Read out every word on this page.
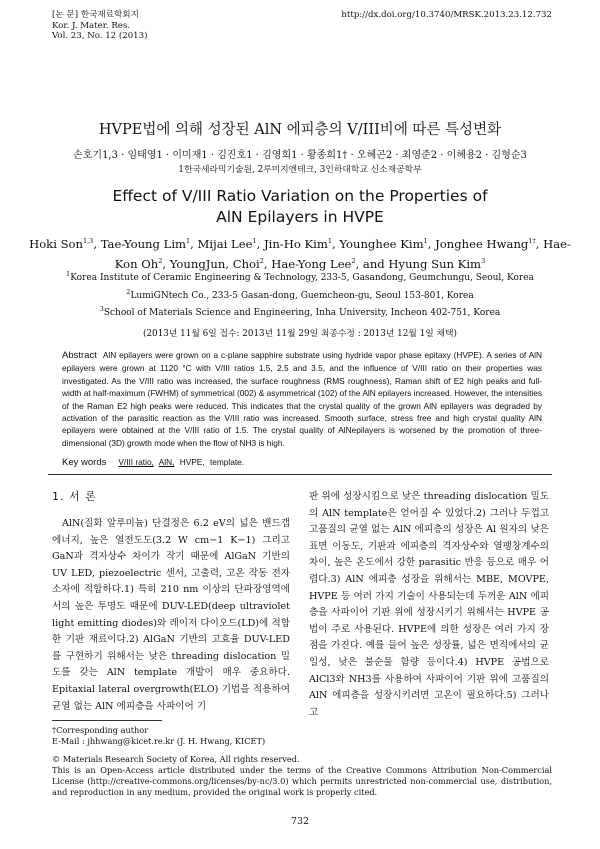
[논 문] 한국재료학회지
Kor. J. Mater. Res.
Vol. 23, No. 12 (2013)
http://dx.doi.org/10.3740/MRSK.2013.23.12.732
HVPE법에 의해 성장된 AlN 에피층의 V/III비에 따른 특성변화
손호기1,3 · 임태영1 · 이미재1 · 김진호1 · 김영희1 · 황종희1† · 오혜곤2 · 최영준2 · 이혜용2 · 김형순3
1한국세라믹기술원, 2루미지엔테크, 3인하대학교 신소재공학부
Effect of V/III Ratio Variation on the Properties of
AlN Epilayers in HVPE
Hoki Son$^{1,3}$, Tae-Young Lim$^1$, Mijai Lee$^1$, Jin-Ho Kim$^1$, Younghee Kim$^1$, Jonghee Hwang$^{1\dagger}$, Hae-Kon Oh$^2$, YoungJun, Choi$^2$, Hae-Yong Lee$^2$, and Hyung Sun Kim$^3$
$^1$Korea Institute of Ceramic Engineering & Technology, 233-5, Gasandong, Geumchungu, Seoul, Korea
$^2$LumiGNtech Co., 233-5 Gasan-dong, Guemcheon-gu, Seoul 153-801, Korea
$^3$School of Materials Science and Engineering, Inha University, Incheon 402-751, Korea
(2013년 11월 6일 접수: 2013년 11월 29일 최종수정 : 2013년 12월 1일 채택)
Abstract AlN epilayers were grown on a c-plane sapphire substrate using hydride vapor phase epitaxy (HVPE). A series of AlN epilayers were grown at 1120 °C with V/III ratios 1.5, 2.5 and 3.5, and the influence of V/III ratio on their properties was investigated. As the V/III ratio was increased, the surface roughness (RMS roughness), Raman shift of E2 high peaks and full-width at half-maximum (FWHM) of symmetrical (002) & asymmetrical (102) of the AlN epilayers increased. However, the intensities of the Raman E2 high peaks were reduced. This indicates that the crystal quality of the grown AlN epilayers was degraded by activation of the parasitic reaction as the V/III ratio was increased. Smooth surface, stress free and high crystal quality AlN epilayers were obtained at the V/III ratio of 1.5. The crystal quality of AlNepilayers is worsened by the promotion of three-dimensional (3D) growth mode when the flow of NH3 is high.
Key words V/III ratio, AlN, HVPE, template.
1. 서 론

AlN(질화 알루미늄) 단결정은 6.2 eV의 넓은 밴드갭 에너지, 높은 열전도도(3.2 W cm−1 K−1) 그리고 GaN과 격자상수 차이가 작기 때문에 AlGaN 기반의 UV LED, piezoelectric 센서, 고출력, 고온 작동 전자소자에 적합하다.1) 특히 210 nm 이상의 단파장영역에서의 높은 투명도 때문에 DUV-LED(deep ultraviolet light emitting diodes)와 레이저 다이오드(LD)에 적합한 기판 재료이다.2) AlGaN 기반의 고효율 DUV-LED를 구현하기 위해서는 낮은 threading dislocation 밀도를 갖는 AlN template 개발이 매우 중요하다. Epitaxial lateral overgrowth(ELO) 기법을 적용하여 균열 없는 AlN 에피층을 사파이어 기

판 위에 성장시킴으로 낮은 threading dislocation 밀도의 AlN template은 얻어질 수 있었다.2) 그러나 두껍고 고품질의 균열 없는 AlN 에피층의 성장은 Al 원자의 낮은 표면 이동도, 기판과 에피층의 격자상수와 열팽창계수의 차이, 높은 온도에서 강한 parasitic 반응 등으로 매우 어렵다.3) AlN 에피층 성장을 위해서는 MBE, MOVPE, HVPE 등 여러 가지 기술이 사용되는데 두꺼운 AlN 에피층을 사파이어 기판 위에 성장시키기 위해서는 HVPE 공법이 주로 사용된다. HVPE에 의한 성장은 여러 가지 장점을 가진다. 예를 들어 높은 성장률, 넓은 면적에서의 균일성, 낮은 불순물 함량 등이다.4) HVPE 공법으로 AlCl3와 NH3를 사용하여 사파이어 기판 위에 고품질의 AlN 에피층을 성장시키려면 고온이 필요하다.5) 그러나 고

†Corresponding author

E-Mail : jhhwang@kicet.re.kr (J. H. Hwang, KICET)

© Materials Research Society of Korea, All rights reserved.

This is an Open-Access article distributed under the terms of the Creative Commons Attribution Non-Commercial License (http://creative-commons.org/licenses/by-nc/3.0) which permits unrestricted non-commercial use, distribution, and reproduction in any medium, provided the original work is properly cited.

732
